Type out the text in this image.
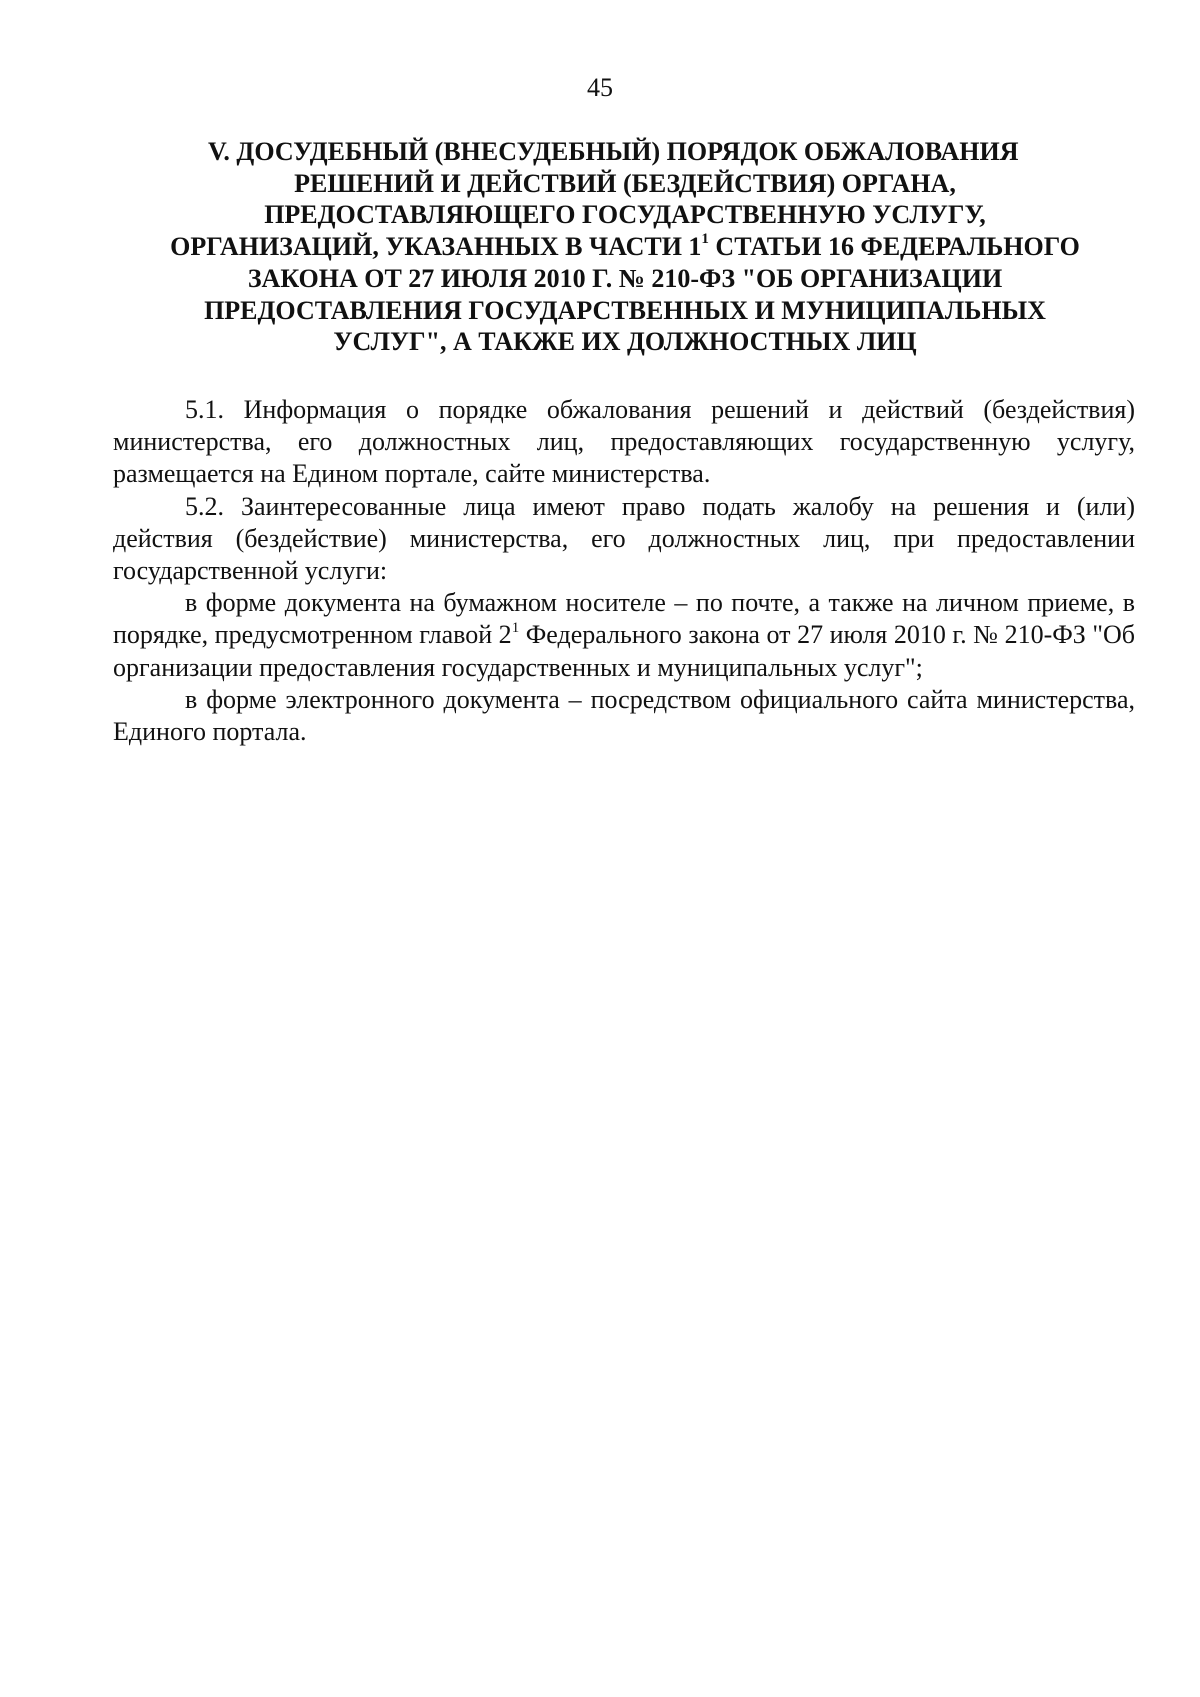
45
V. ДОСУДЕБНЫЙ (ВНЕСУДЕБНЫЙ) ПОРЯДОК ОБЖАЛОВАНИЯ
РЕШЕНИЙ И ДЕЙСТВИЙ (БЕЗДЕЙСТВИЯ) ОРГАНА,
ПРЕДОСТАВЛЯЮЩЕГО ГОСУДАРСТВЕННУЮ УСЛУГУ,
ОРГАНИЗАЦИЙ, УКАЗАННЫХ В ЧАСТИ $1^1$ СТАТЬИ 16 ФЕДЕРАЛЬНОГО
ЗАКОНА ОТ 27 ИЮЛЯ 2010 Г. № 210-ФЗ "ОБ ОРГАНИЗАЦИИ
ПРЕДОСТАВЛЕНИЯ ГОСУДАРСТВЕННЫХ И МУНИЦИПАЛЬНЫХ
УСЛУГ", А ТАКЖЕ ИХ ДОЛЖНОСТНЫХ ЛИЦ

5.1. Информация о порядке обжалования решений и действий (бездействия) министерства, его должностных лиц, предоставляющих государственную услугу, размещается на Едином портале, сайте министерства.

5.2. Заинтересованные лица имеют право подать жалобу на решения и (или) действия (бездействие) министерства, его должностных лиц, при предоставлении государственной услуги:

в форме документа на бумажном носителе – по почте, а также на личном приеме, в порядке, предусмотренном главой $2^1$ Федерального закона от 27 июля 2010 г. № 210-ФЗ "Об организации предоставления государственных и муниципальных услуг";

в форме электронного документа – посредством официального сайта министерства, Единого портала.
